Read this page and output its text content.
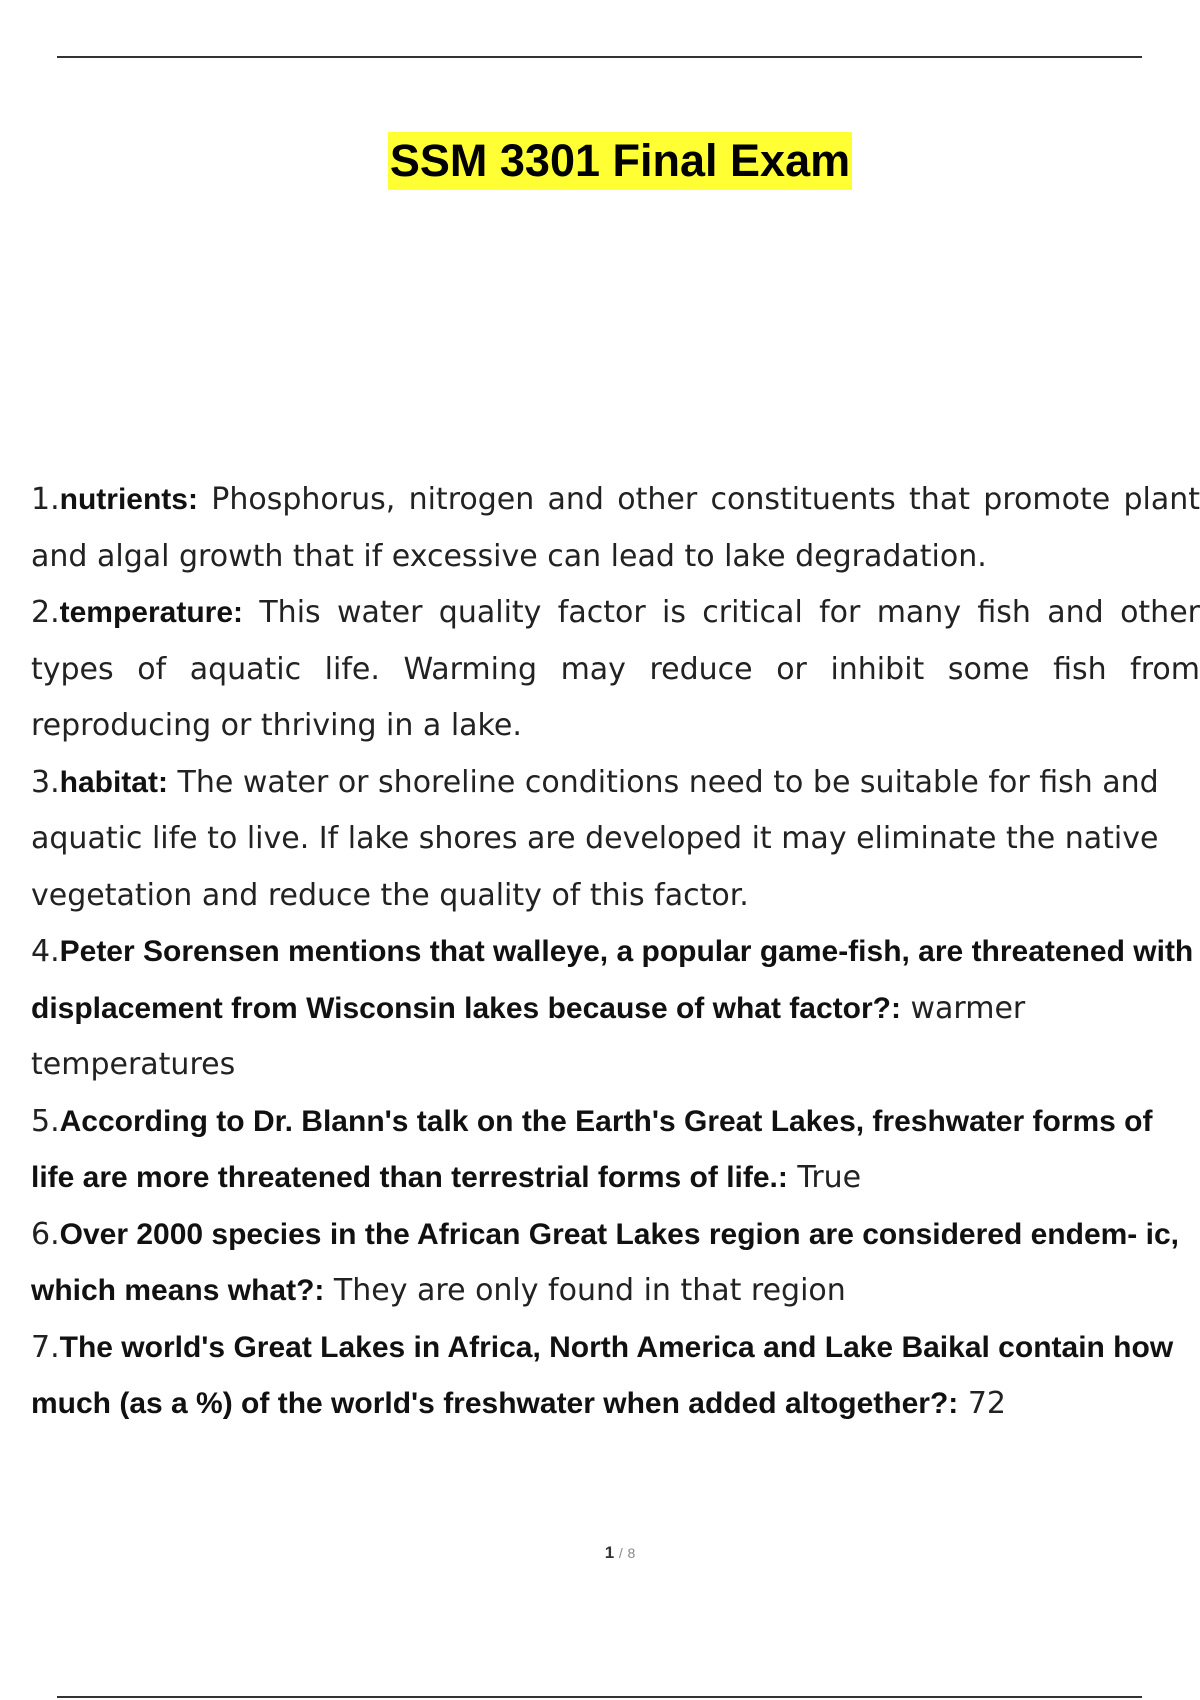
SSM 3301 Final Exam
1.nutrients: Phosphorus, nitrogen and other constituents that promote plant and algal growth that if excessive can lead to lake degradation.
2.temperature: This water quality factor is critical for many fish and other types of aquatic life. Warming may reduce or inhibit some fish from reproducing or thriving in a lake.
3.habitat: The water or shoreline conditions need to be suitable for fish and aquatic life to live. If lake shores are developed it may eliminate the native vegetation and reduce the quality of this factor.
4.Peter Sorensen mentions that walleye, a popular game-fish, are threatened with displacement from Wisconsin lakes because of what factor?: warmer temperatures
5.According to Dr. Blann's talk on the Earth's Great Lakes, freshwater forms of life are more threatened than terrestrial forms of life.: True
6.Over 2000 species in the African Great Lakes region are considered endem- ic, which means what?: They are only found in that region
7.The world's Great Lakes in Africa, North America and Lake Baikal contain how much (as a %) of the world's freshwater when added altogether?: 72
1 / 8
